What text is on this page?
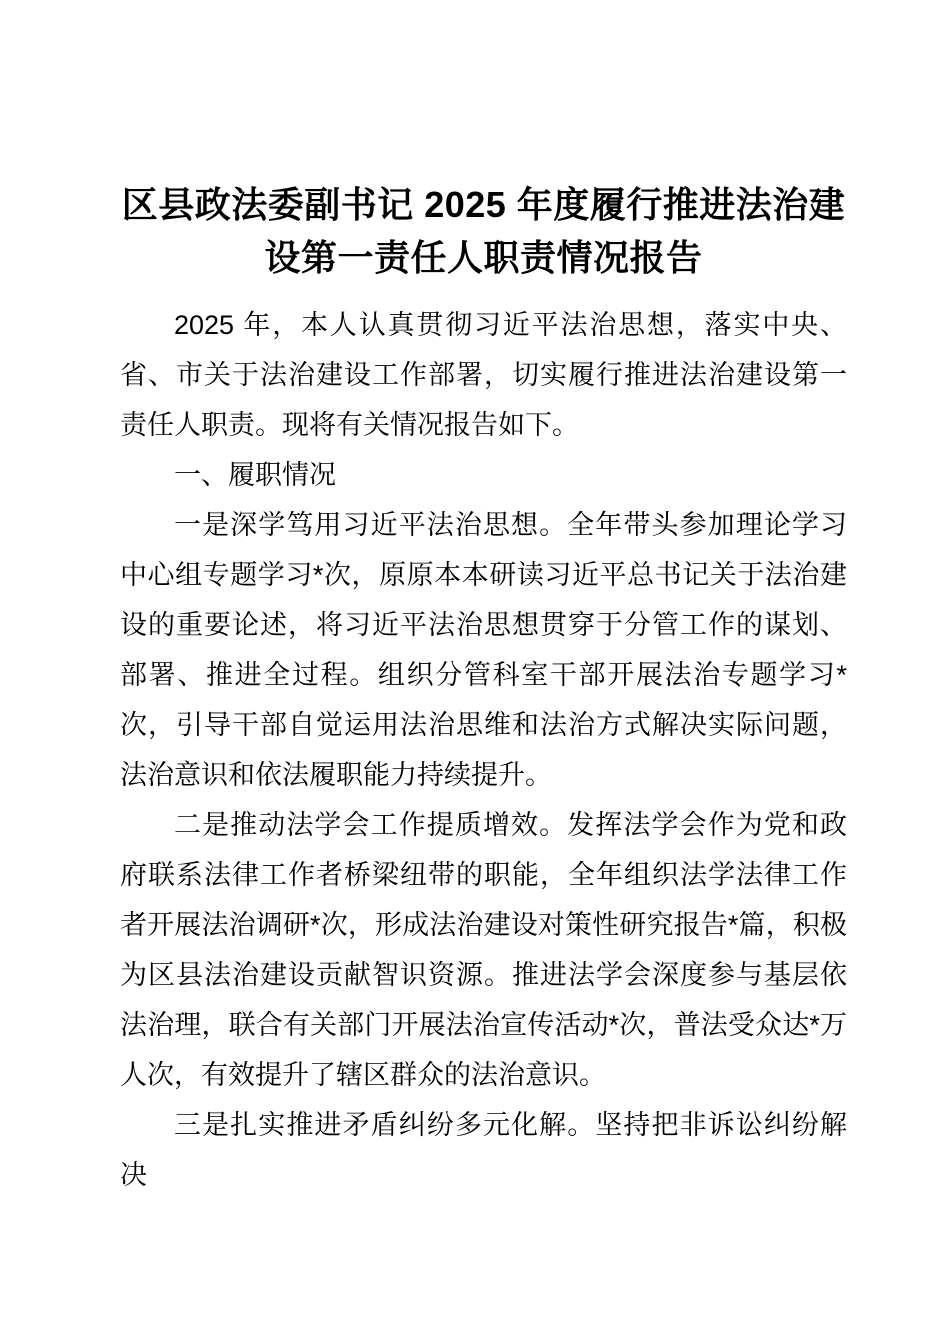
区县政法委副书记 2025 年度履行推进法治建设第一责任人职责情况报告

2025 年，本人认真贯彻习近平法治思想，落实中央、省、市关于法治建设工作部署，切实履行推进法治建设第一责任人职责。现将有关情况报告如下。

一、履职情况

一是深学笃用习近平法治思想。全年带头参加理论学习中心组专题学习*次，原原本本研读习近平总书记关于法治建设的重要论述，将习近平法治思想贯穿于分管工作的谋划、部署、推进全过程。组织分管科室干部开展法治专题学习*次，引导干部自觉运用法治思维和法治方式解决实际问题，法治意识和依法履职能力持续提升。

二是推动法学会工作提质增效。发挥法学会作为党和政府联系法律工作者桥梁纽带的职能，全年组织法学法律工作者开展法治调研*次，形成法治建设对策性研究报告*篇，积极为区县法治建设贡献智识资源。推进法学会深度参与基层依法治理，联合有关部门开展法治宣传活动*次，普法受众达*万人次，有效提升了辖区群众的法治意识。

三是扎实推进矛盾纠纷多元化解。坚持把非诉讼纠纷解决
